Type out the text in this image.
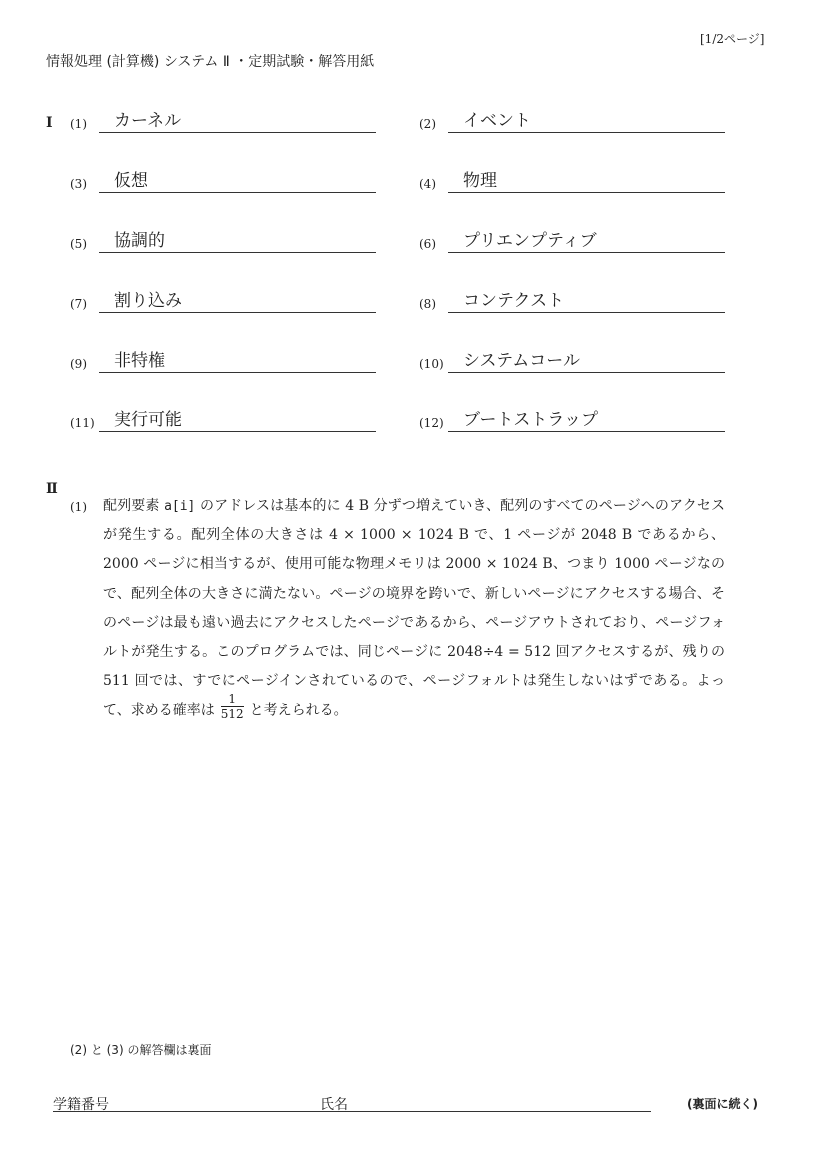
[1/2ページ]
情報処理 (計算機) システム Ⅱ ・定期試験・解答用紙
I (1)	カーネル	(2)	イベント
(3)	仮想	(4)	物理
(5)	協調的	(6)	プリエンプティブ
(7)	割り込み	(8)	コンテクスト
(9)	非特権	(10)	システムコール
(11)	実行可能	(12)	ブートストラップ
Ⅱ
(1) 配列要素 a[i] のアドレスは基本的に 4 B 分ずつ増えていき、配列のすべてのページへのアクセスが発生する。配列全体の大きさは 4 × 1000 × 1024 B で、1 ページが 2048 B であるから、2000 ページに相当するが、使用可能な物理メモリは 2000 × 1024 B、つまり 1000 ページなので、配列全体の大きさに満たない。ページの境界を跨いで、新しいページにアクセスする場合、そのページは最も遠い過去にアクセスしたページであるから、ページアウトされており、ページフォルトが発生する。このプログラムでは、同じページに 2048÷4 = 512 回アクセスするが、残りの 511 回では、すでにページインされているので、ページフォルトは発生しないはずである。よって、求める確率は $\frac{1}{512}$ と考えられる。
(2) と (3) の解答欄は裏面
学籍番号	氏名	(裏面に続く)
